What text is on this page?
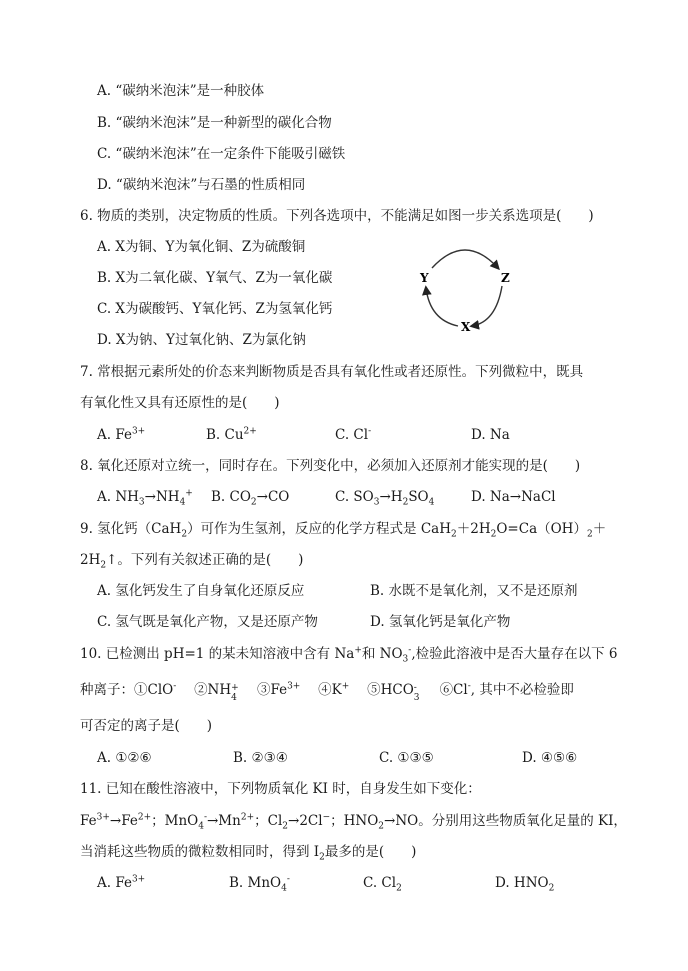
A. “碳纳米泡沫”是一种胶体
B. “碳纳米泡沫”是一种新型的碳化合物
C. “碳纳米泡沫”在一定条件下能吸引磁铁
D. “碳纳米泡沫”与石墨的性质相同
6. 物质的类别，决定物质的性质。下列各选项中，不能满足如图一步关系选项是(　　)
A. X为铜、Y为氧化铜、Z为硫酸铜
B. X为二氧化碳、Y氧气、Z为一氧化碳
C. X为碳酸钙、Y氧化钙、Z为氢氧化钙
D. X为钠、Y过氧化钠、Z为氯化钠
Y	Z
X
7. 常根据元素所处的价态来判断物质是否具有氧化性或者还原性。下列微粒中，既具
有氧化性又具有还原性的是(　　)
A. $Fe^{3+}$	B. $Cu^{2+}$	C. Cl-	D. Na
8. 氧化还原对立统一，同时存在。下列变化中，必须加入还原剂才能实现的是(　　)
A. $NH_3\to NH_4^+$ B. $CO_2\to CO$	C. $SO_3\to H_2SO_4$	D. Na→NaCl
9. 氢化钙（CaH$_2$）可作为生氢剂，反应的化学方程式是 $CaH_2+2H_2O=Ca(OH)_2+$
$2H_2↑$。下列有关叙述正确的是(　　)
A. 氢化钙发生了自身氧化还原反应	B. 水既不是氧化剂，又不是还原剂
C. 氢气既是氧化产物，又是还原产物	D. 氢氧化钙是氧化产物
10. 已检测出 pH=1 的某未知溶液中含有 Na+和 $NO_3^-$,检验此溶液中是否大量存在以下 6
种离子：①ClO-　 ②NH +
4
　 $③Fe^{3+}$　 ④K+　 ⑤HCO -
3
　 ⑥Cl-, 其中不必检验即
可否定的离子是(　　)
A. ①②⑥	B. ②③④	C. ①③⑤	D. ④⑤⑥
11. 已知在酸性溶液中，下列物质氧化 KI 时，自身发生如下变化：
$Fe^{3+}\to Fe^{2+}$；$MnO_4^-\to Mn^{2+}$；$Cl_2\to 2Cl^-$；$HNO_2\to NO$。分别用这些物质氧化足量的 KI，
当消耗这些物质的微粒数相同时，得到 $I_2$最多的是(　　)
A. $Fe^{3+}$	B. MnO$_4$-	C. $Cl_2$	D. $HNO_2$
